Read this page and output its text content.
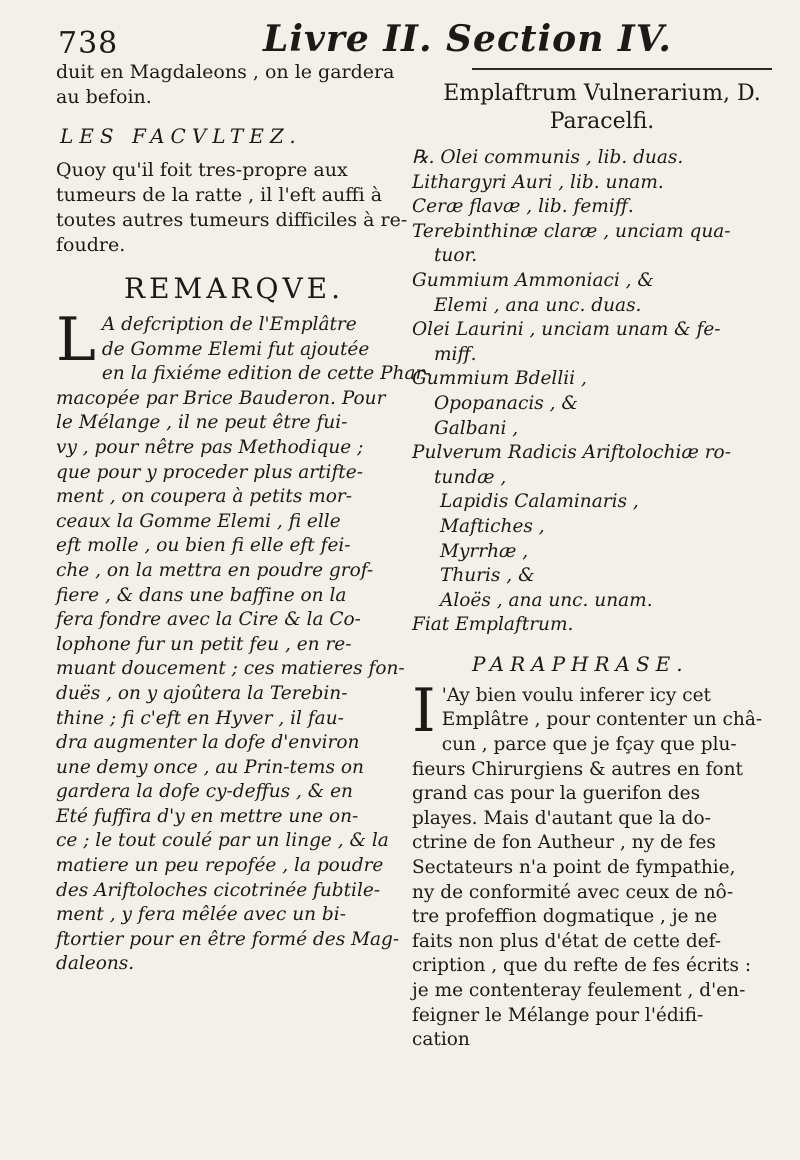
738	Livre II. Section IV.
duit en Magdaleons , on le gardera
au befoin.
LES FACVLTEZ.
Quoy qu'il foit tres-propre aux
tumeurs de la ratte , il l'eft auffi à
toutes autres tumeurs difficiles à re-
foudre.
REMARQVE.
L A defcription de l'Emplâtre
de Gomme Elemi fut ajoutée
en la fixiéme edition de cette Phar-
macopée par Brice Bauderon. Pour
le Mélange , il ne peut être fui-
vy , pour nêtre pas Methodique ;
que pour y proceder plus artifte-
ment , on coupera à petits mor-
ceaux la Gomme Elemi , fi elle
eft molle , ou bien fi elle eft fei-
che , on la mettra en poudre grof-
fiere , & dans une baffine on la
fera fondre avec la Cire & la Co-
lophone fur un petit feu , en re-
muant doucement ; ces matieres fon-
duës , on y ajoûtera la Terebin-
thine ; fi c'eft en Hyver , il fau-
dra augmenter la dofe d'environ
une demy once , au Prin-tems on
gardera la dofe cy-deffus , & en
Eté fuffira d'y en mettre une on-
ce ; le tout coulé par un linge , & la
matiere un peu repofée , la poudre
des Ariftoloches cicotrinée fubtile-
ment , y fera mêlée avec un bi-
ftortier pour en être formé des Mag-
daleons.
Emplaftrum Vulnerarium, D.
Paracelfi.
℞. Olei communis , lib. duas.
Lithargyri Auri , lib. unam.
Ceræ flavæ , lib. femiff.
Terebinthinæ claræ , unciam qua-
tuor.
Gummium Ammoniaci , &
Elemi , ana unc. duas.
Olei Laurini , unciam unam & fe-
miff.
Gummium Bdellii ,
Opopanacis , &
Galbani ,
Pulverum Radicis Ariftolochiæ ro-
tundæ ,
Lapidis Calaminaris ,
Maftiches ,
Myrrhæ ,
Thuris , &
Aloës , ana unc. unam.
Fiat Emplaftrum.
PARAPHRASE.
I 'Ay bien voulu inferer icy cet
Emplâtre , pour contenter un châ-
cun , parce que je fçay que plu-
fieurs Chirurgiens & autres en font
grand cas pour la guerifon des
playes. Mais d'autant que la do-
ctrine de fon Autheur , ny de fes
Sectateurs n'a point de fympathie,
ny de conformité avec ceux de nô-
tre profeffion dogmatique , je ne
faits non plus d'état de cette def-
cription , que du refte de fes écrits :
je me contenteray feulement , d'en-
feigner le Mélange pour l'édifi-
cation
